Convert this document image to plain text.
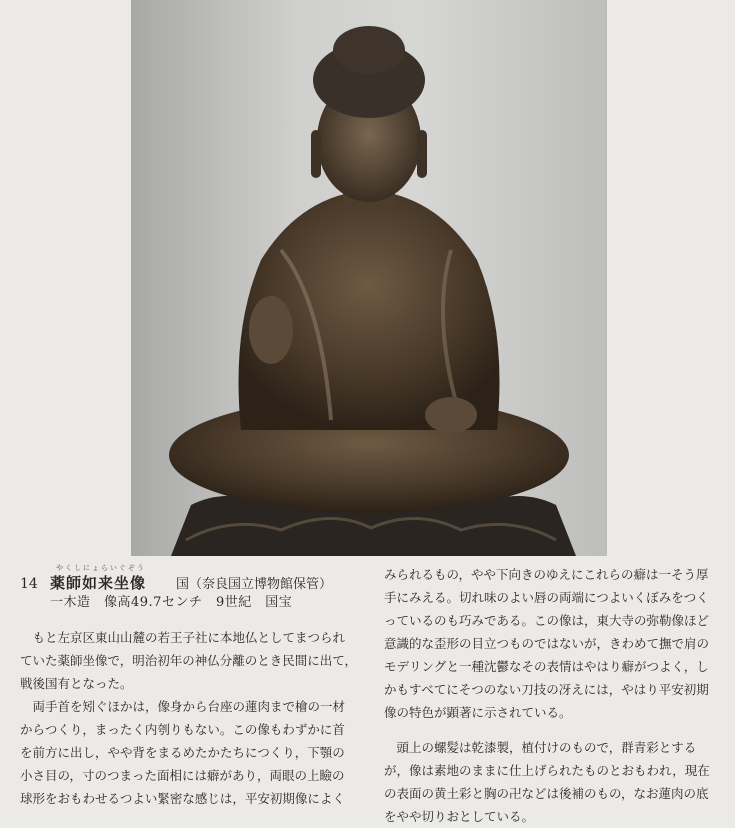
やくしにょらいぐぞう
14 薬師如来坐像 国（奈良国立博物館保管）
一木造　像高49.7センチ　9世紀　国宝

もと左京区東山山麓の若王子社に本地仏としてまつられ
ていた薬師坐像で，明治初年の神仏分離のとき民間に出て，
戦後国有となった。

両手首を矧ぐほかは，像身から台座の蓮肉まで檜の一材
からつくり，まったく内刳りもない。この像もわずかに首
を前方に出し，やや背をまるめたかたちにつくり，下顎の
小さ目の，寸のつまった面相には癖があり，両眼の上瞼の
球形をおもわせるつよい緊密な感じは，平安初期像によく

みられるもの，やや下向きのゆえにこれらの癖は一そう厚
手にみえる。切れ味のよい唇の両端につよいくぼみをつく
っているのも巧みである。この像は，東大寺の弥勒像ほど
意識的な歪形の目立つものではないが，きわめて撫で肩の
モデリングと一種沈鬱なその表情はやはり癖がつよく，し
かもすべてにそつのない刀技の冴えには，やはり平安初期
像の特色が顕著に示されている。

頭上の螺髪は乾漆製，植付けのもので，群青彩とする
が，像は素地のままに仕上げられたものとおもわれ，現在
の表面の黄土彩と胸の卍などは後補のもの，なお蓮肉の底
をやや切りおとしている。
